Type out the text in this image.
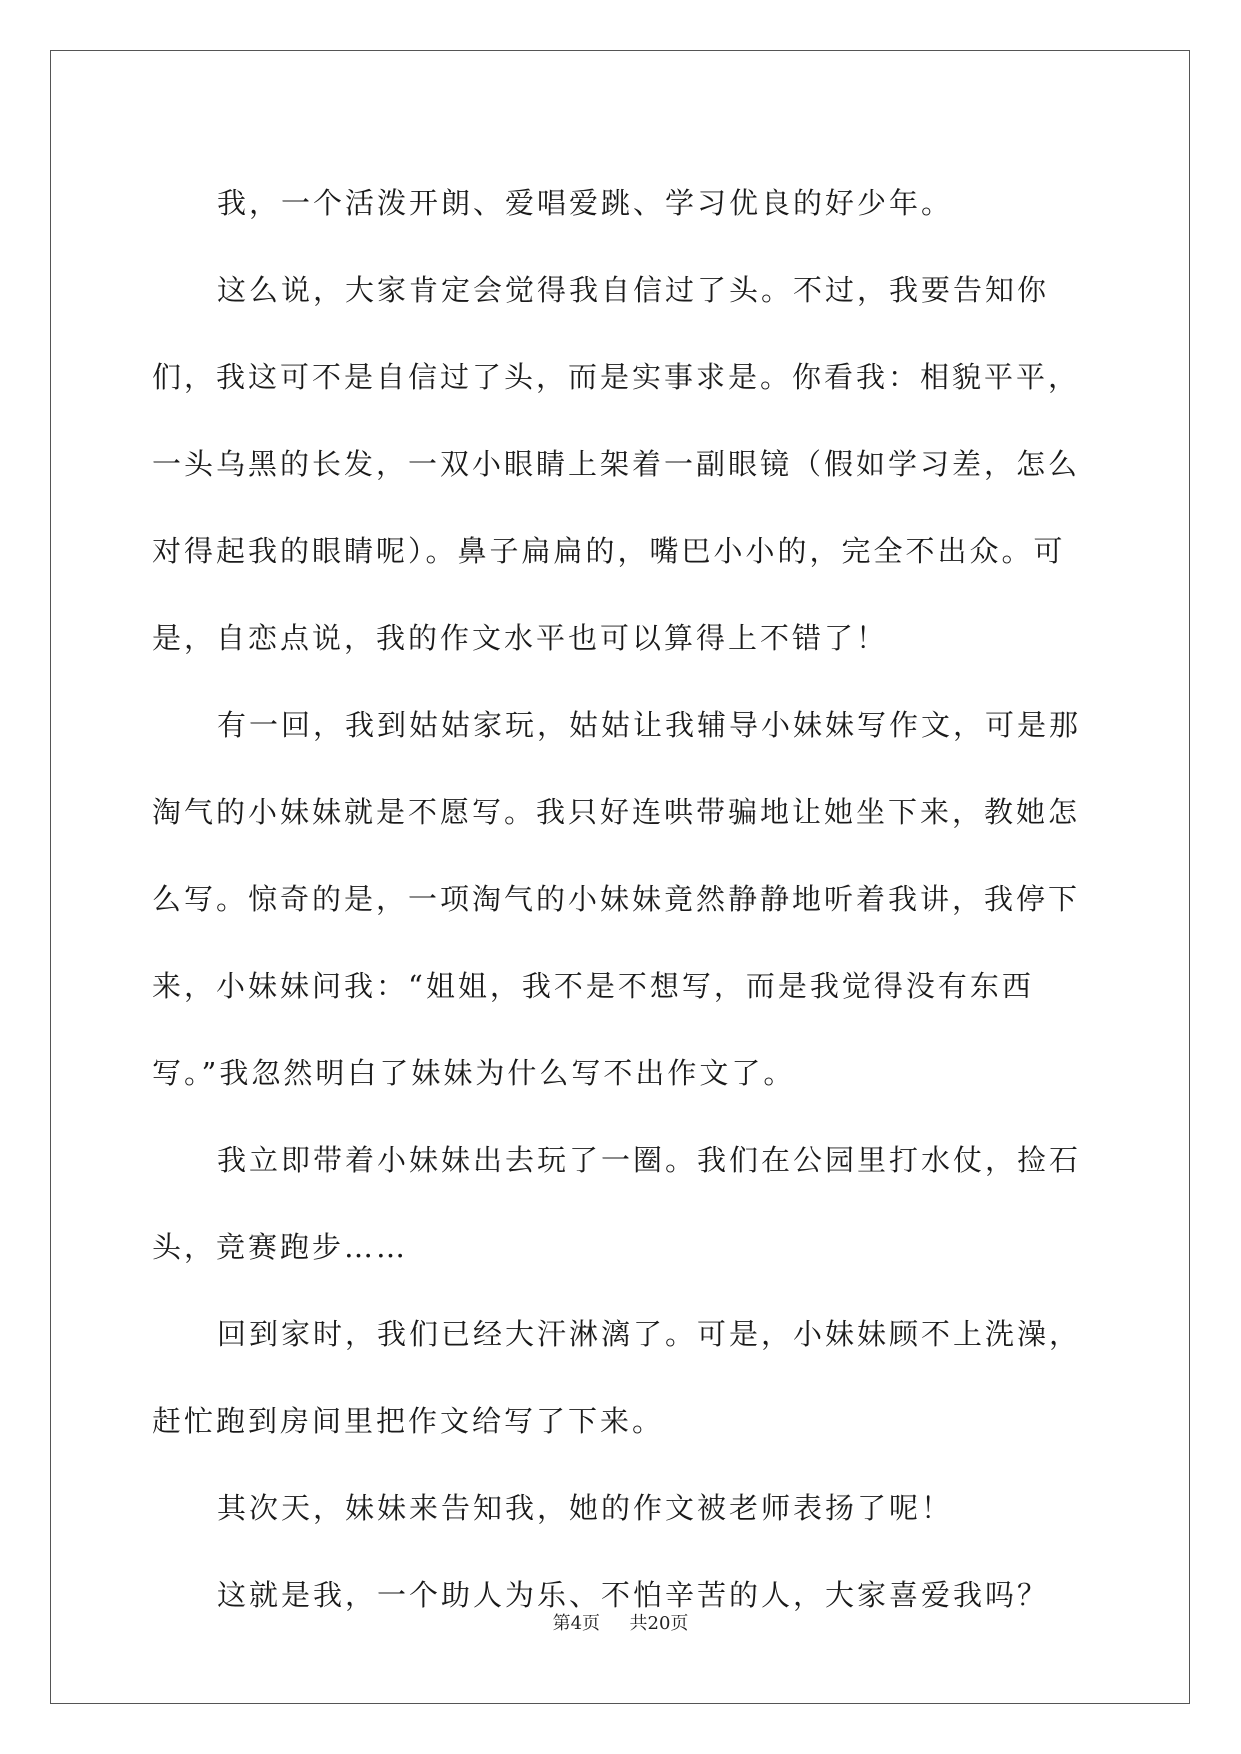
我，一个活泼开朗、爱唱爱跳、学习优良的好少年。

这么说，大家肯定会觉得我自信过了头。不过，我要告知你们，我这可不是自信过了头，而是实事求是。你看我：相貌平平，一头乌黑的长发，一双小眼睛上架着一副眼镜（假如学习差，怎么对得起我的眼睛呢）。鼻子扁扁的，嘴巴小小的，完全不出众。可是，自恋点说，我的作文水平也可以算得上不错了！

有一回，我到姑姑家玩，姑姑让我辅导小妹妹写作文，可是那淘气的小妹妹就是不愿写。我只好连哄带骗地让她坐下来，教她怎么写。惊奇的是，一项淘气的小妹妹竟然静静地听着我讲，我停下来，小妹妹问我：“姐姐，我不是不想写，而是我觉得没有东西写。”我忽然明白了妹妹为什么写不出作文了。

我立即带着小妹妹出去玩了一圈。我们在公园里打水仗，捡石头，竞赛跑步……

回到家时，我们已经大汗淋漓了。可是，小妹妹顾不上洗澡，赶忙跑到房间里把作文给写了下来。

其次天，妹妹来告知我，她的作文被老师表扬了呢！

这就是我，一个助人为乐、不怕辛苦的人，大家喜爱我吗？

第4页 共20页
